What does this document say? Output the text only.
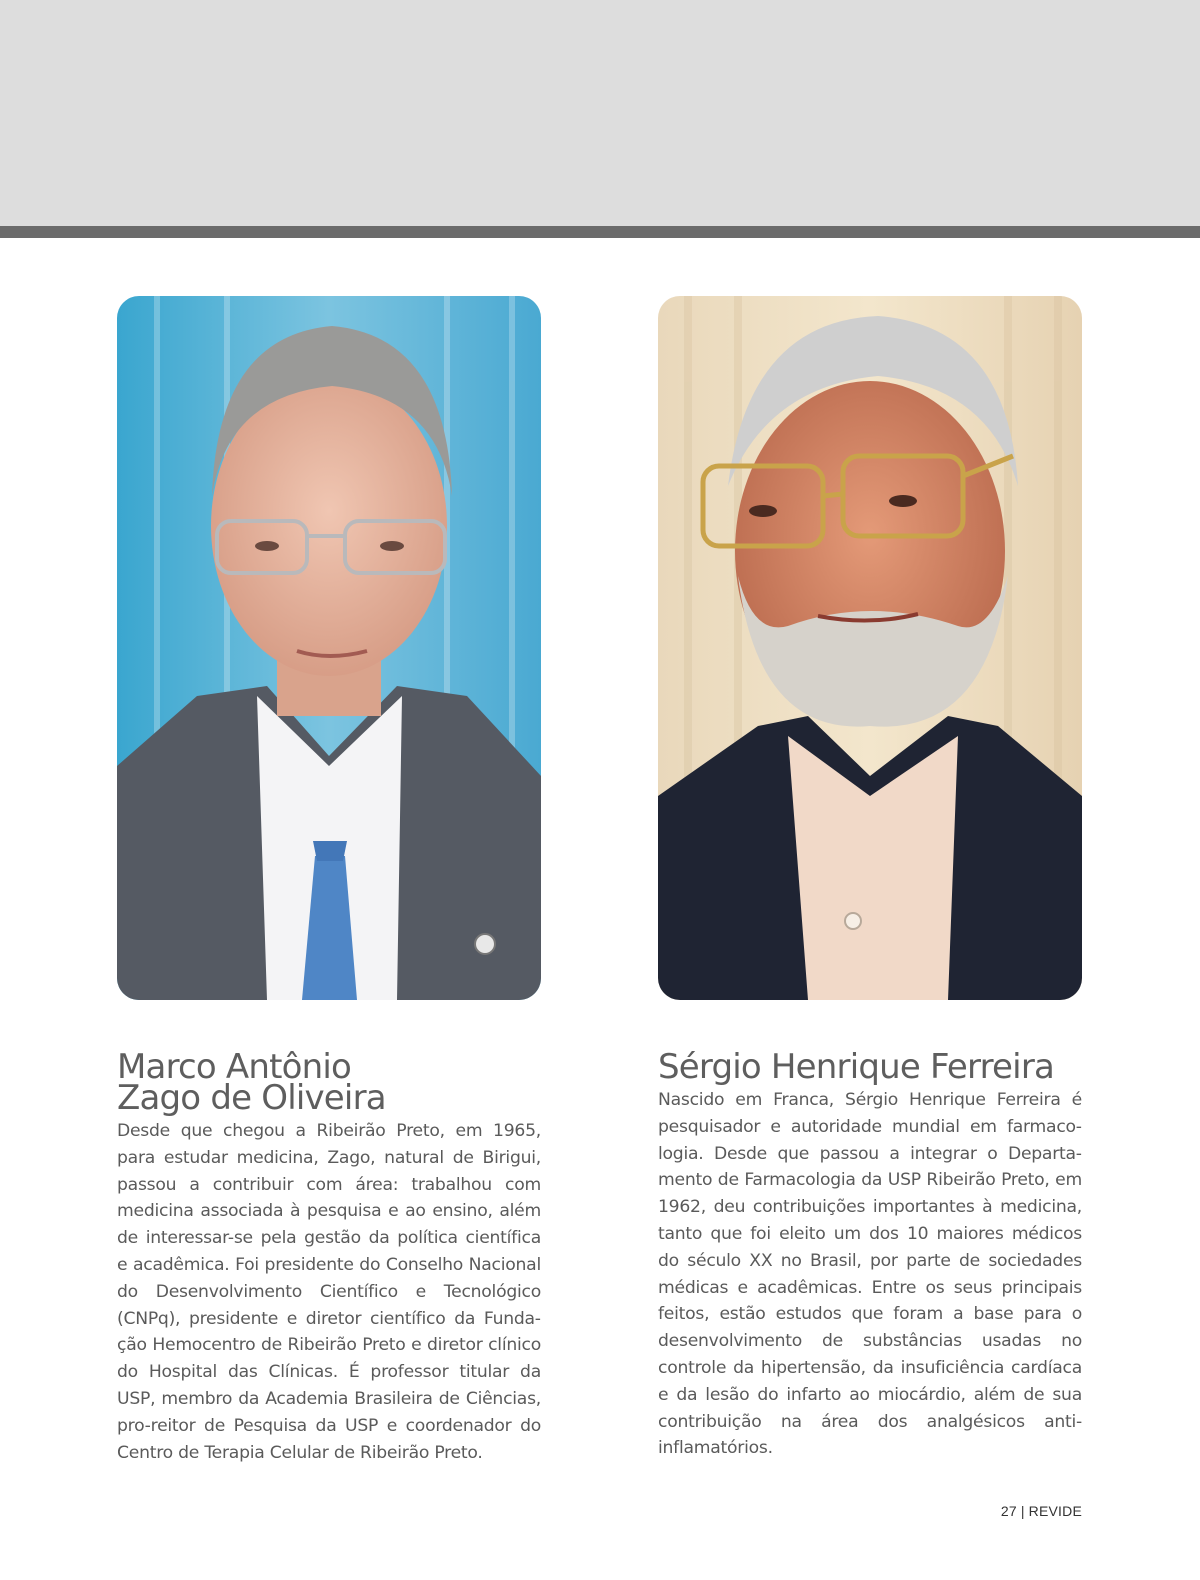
Marco Antônio
Zago de Oliveira

Desde que chegou a Ribeirão Preto, em 1965, para estudar medicina, Zago, natural de Birigui, passou a contribuir com área: trabalhou com medicina associada à pesquisa e ao ensino, além de interessar-se pela gestão da política científica e acadêmica. Foi presidente do Conselho Nacional do Desenvolvimento Científico e Tecnológico (CNPq), presidente e diretor científico da Fundação Hemocentro de Ribeirão Preto e diretor clínico do Hospital das Clínicas. É professor titular da USP, membro da Academia Brasileira de Ciências, pro-reitor de Pesquisa da USP e coordenador do Centro de Terapia Celular de Ribeirão Preto.

Sérgio Henrique Ferreira

Nascido em Franca, Sérgio Henrique Ferreira é pesquisador e autoridade mundial em farmacologia. Desde que passou a integrar o Departamento de Farmacologia da USP Ribeirão Preto, em 1962, deu contribuições importantes à medicina, tanto que foi eleito um dos 10 maiores médicos do século XX no Brasil, por parte de sociedades médicas e acadêmicas. Entre os seus principais feitos, estão estudos que foram a base para o desenvolvimento de substâncias usadas no controle da hipertensão, da insuficiência cardíaca e da lesão do infarto ao miocárdio, além de sua contribuição na área dos analgésicos anti-inflamatórios.

27 | REVIDE
